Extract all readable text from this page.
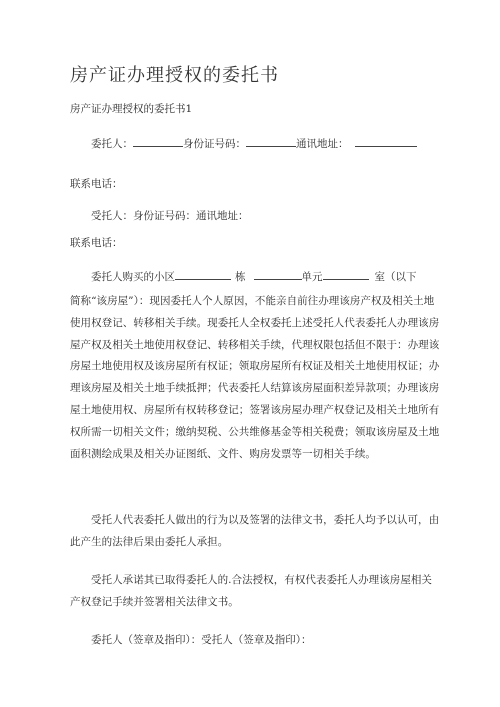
房产证办理授权的委托书
房产证办理授权的委托书1
委托人：	身份证号码：	通讯地址：
联系电话：
受托人：身份证号码：通讯地址：
联系电话：
委托人购买的小区	栋	单元	室（以下
简称“该房屋”）：现因委托人个人原因，不能亲自前往办理该房产权及相关土地
使用权登记、转移相关手续。现委托人全权委托上述受托人代表委托人办理该房
屋产权及相关土地使用权登记、转移相关手续，代理权限包括但不限于：办理该
房屋土地使用权及该房屋所有权证；领取房屋所有权证及相关土地使用权证；办
理该房屋及相关土地手续抵押；代表委托人结算该房屋面积差异款项；办理该房
屋土地使用权、房屋所有权转移登记；签署该房屋办理产权登记及相关土地所有
权所需一切相关文件；缴纳契税、公共维修基金等相关税费；领取该房屋及土地
面积测绘成果及相关办证图纸、文件、购房发票等一切相关手续。
受托人代表委托人做出的行为以及签署的法律文书，委托人均予以认可，由
此产生的法律后果由委托人承担。
受托人承诺其已取得委托人的.合法授权，有权代表委托人办理该房屋相关
产权登记手续并签署相关法律文书。
委托人（签章及指印）：受托人（签章及指印）：
